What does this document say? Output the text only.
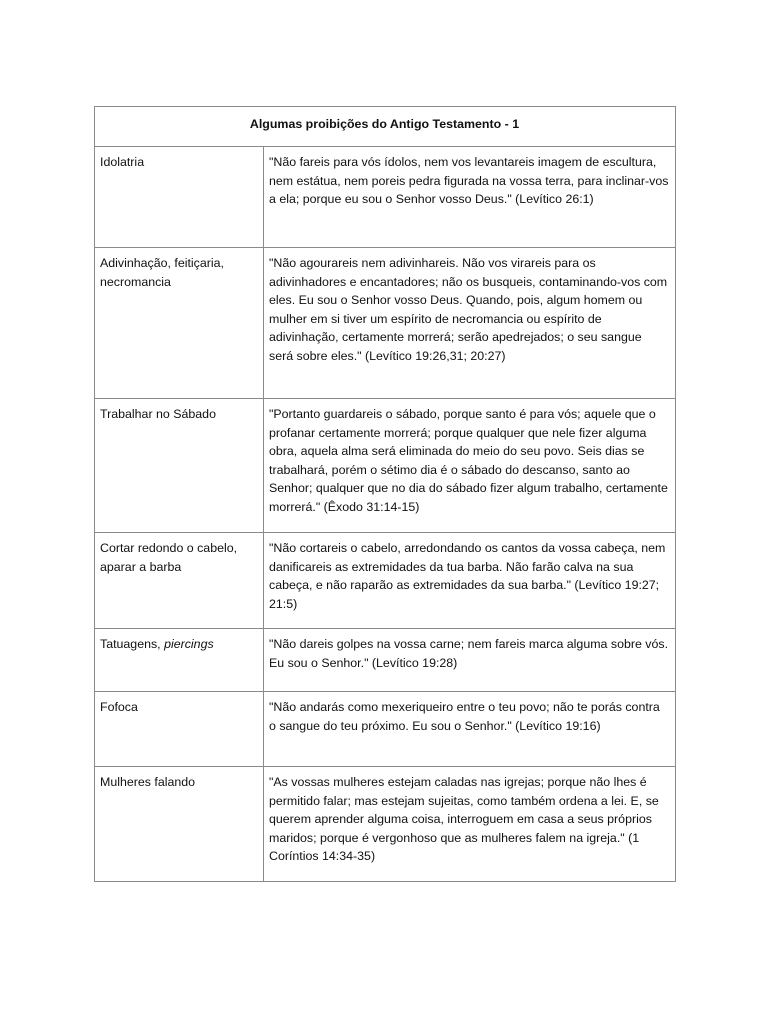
Algumas proibições do Antigo Testamento - 1	
Idolatria	"Não fareis para vós ídolos, nem vos levantareis imagem de escultura, nem estátua, nem poreis pedra figurada na vossa terra, para inclinar-vos a ela; porque eu sou o Senhor vosso Deus." (Levítico 26:1)
Adivinhação, feitiçaria, necromancia	"Não agourareis nem adivinhareis. Não vos virareis para os adivinhadores e encantadores; não os busqueis, contaminando-vos com eles. Eu sou o Senhor vosso Deus. Quando, pois, algum homem ou mulher em si tiver um espírito de necromancia ou espírito de adivinhação, certamente morrerá; serão apedrejados; o seu sangue será sobre eles." (Levítico 19:26,31; 20:27)
Trabalhar no Sábado	"Portanto guardareis o sábado, porque santo é para vós; aquele que o profanar certamente morrerá; porque qualquer que nele fizer alguma obra, aquela alma será eliminada do meio do seu povo. Seis dias se trabalhará, porém o sétimo dia é o sábado do descanso, santo ao Senhor; qualquer que no dia do sábado fizer algum trabalho, certamente morrerá." (Êxodo 31:14-15)
Cortar redondo o cabelo, aparar a barba	"Não cortareis o cabelo, arredondando os cantos da vossa cabeça, nem danificareis as extremidades da tua barba. Não farão calva na sua cabeça, e não raparão as extremidades da sua barba." (Levítico 19:27; 21:5)
Tatuagens, piercings	"Não dareis golpes na vossa carne; nem fareis marca alguma sobre vós. Eu sou o Senhor." (Levítico 19:28)
Fofoca	"Não andarás como mexeriqueiro entre o teu povo; não te porás contra o sangue do teu próximo. Eu sou o Senhor." (Levítico 19:16)
Mulheres falando	"As vossas mulheres estejam caladas nas igrejas; porque não lhes é permitido falar; mas estejam sujeitas, como também ordena a lei. E, se querem aprender alguma coisa, interroguem em casa a seus próprios maridos; porque é vergonhoso que as mulheres falem na igreja." (1 Coríntios 14:34-35)
